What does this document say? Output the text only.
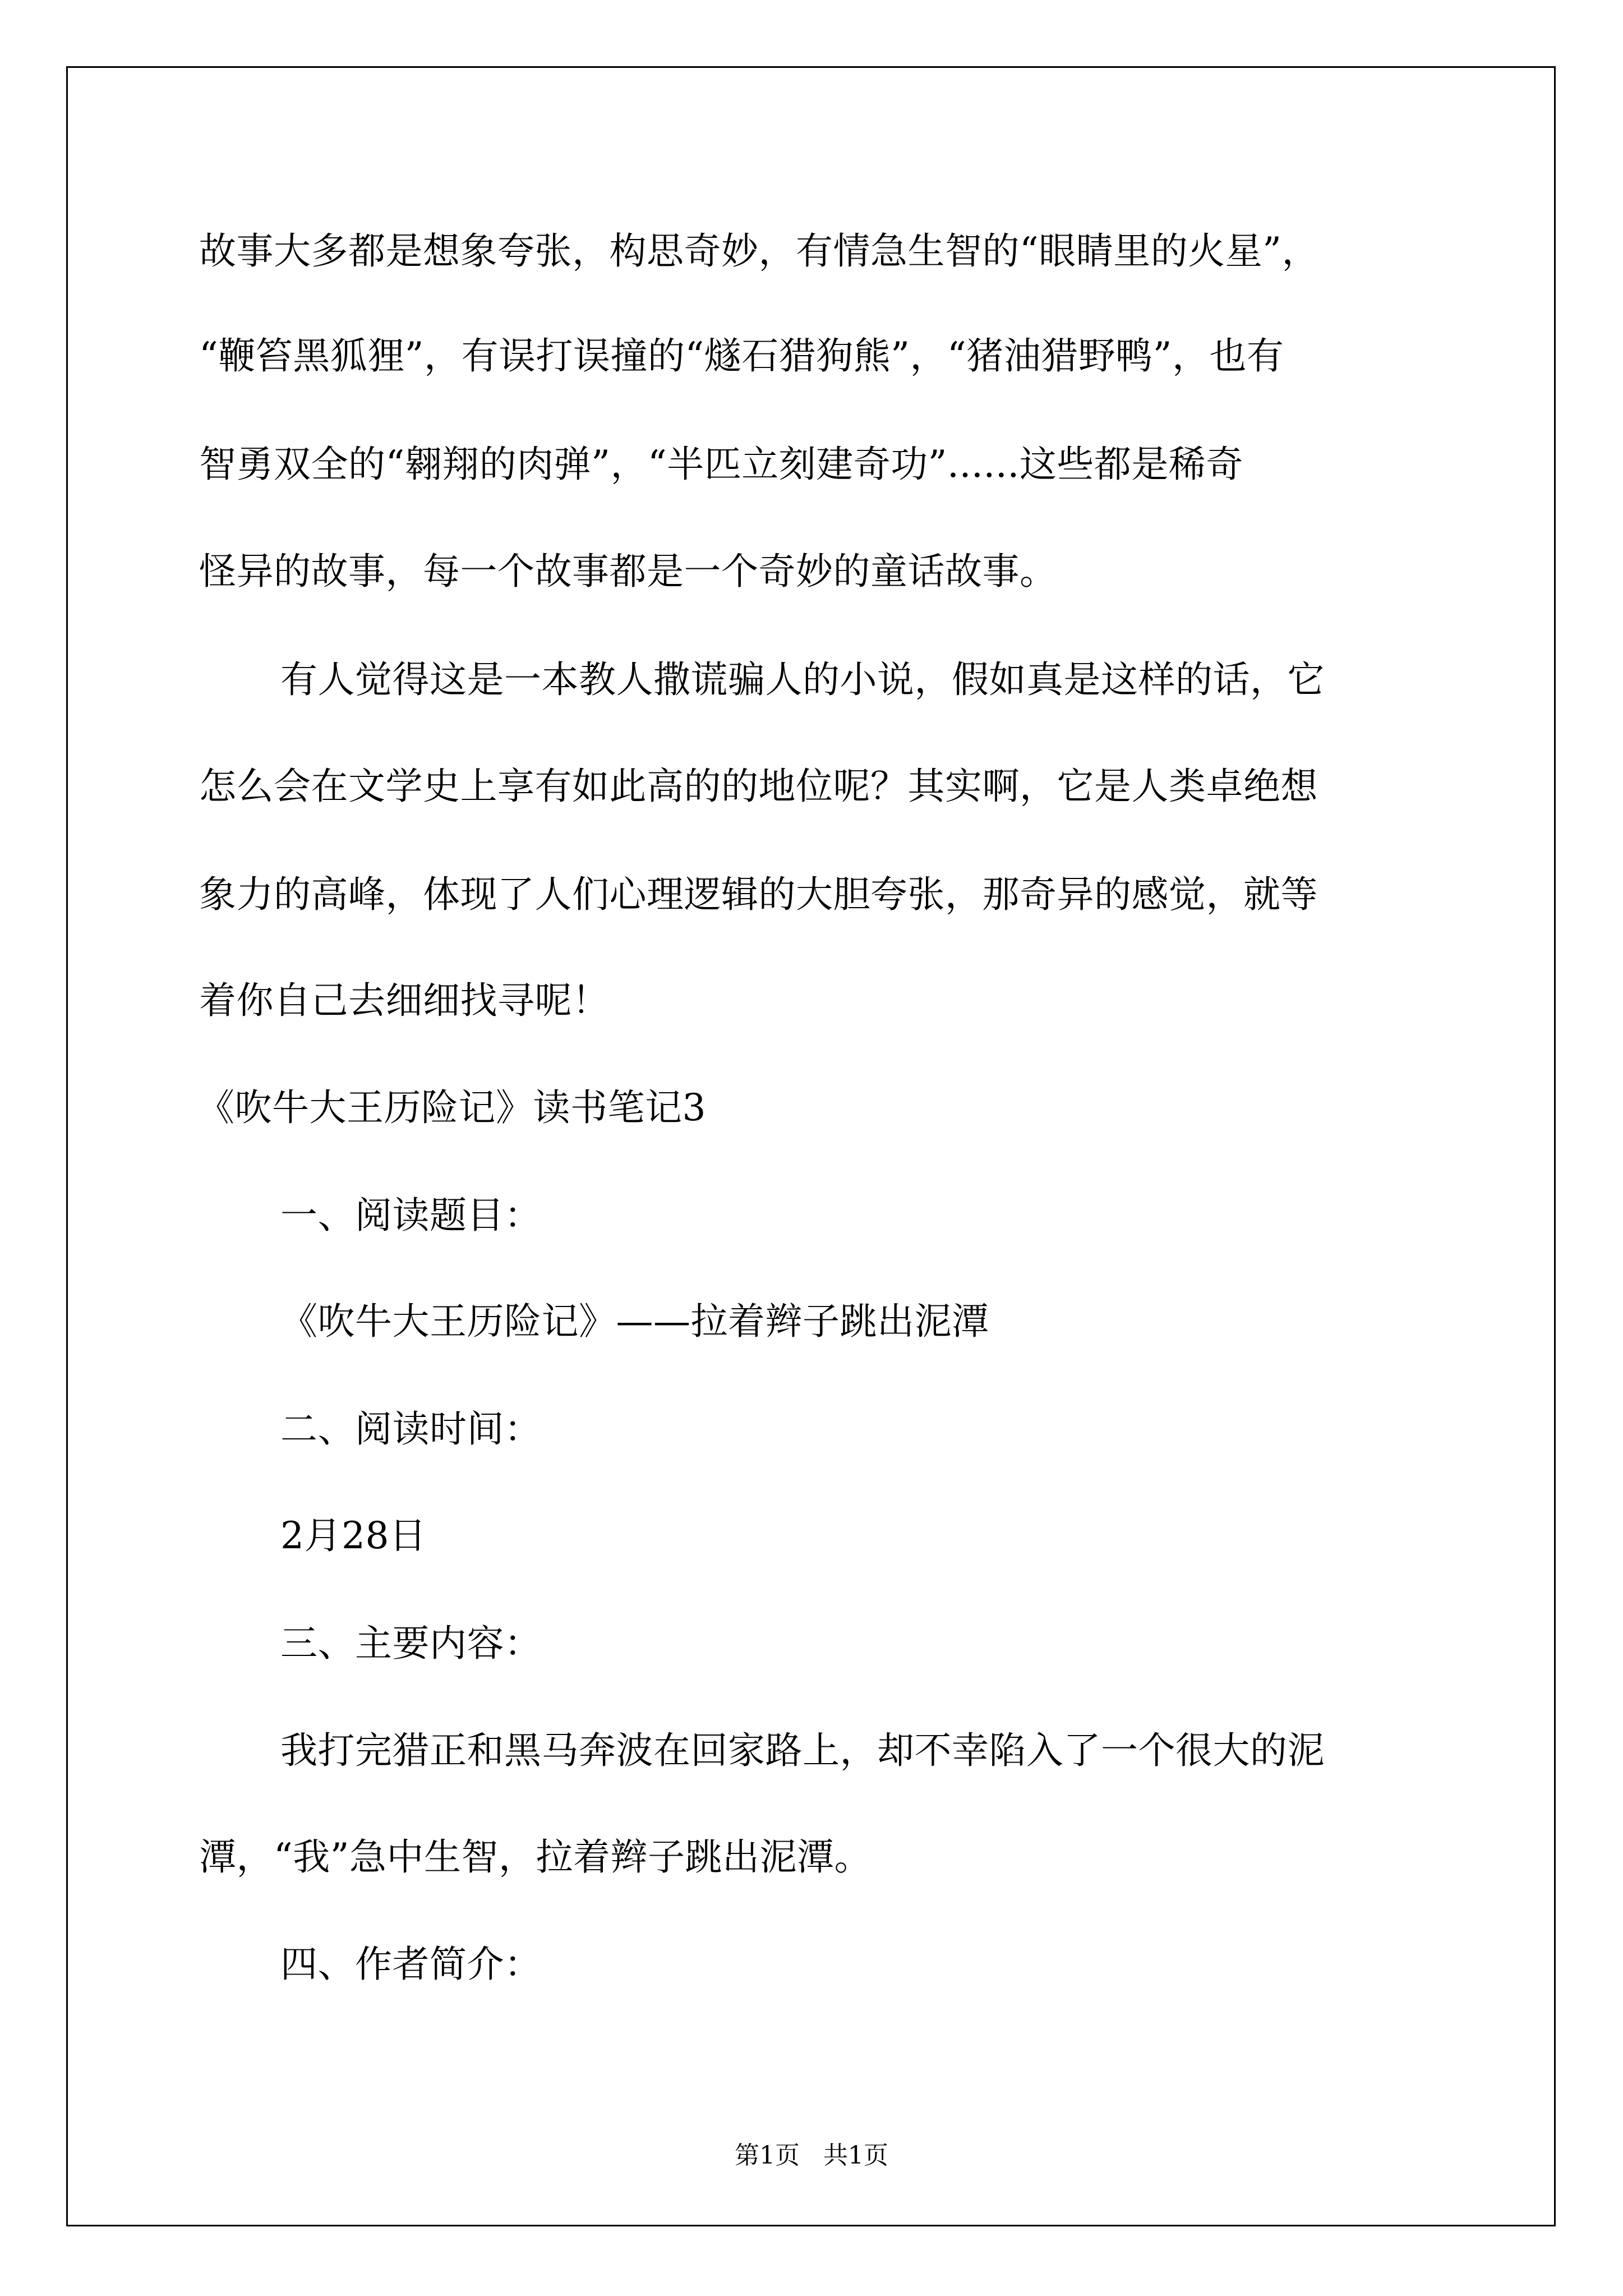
故事大多都是想象夸张，构思奇妙，有情急生智的“眼睛里的火星”，
“鞭笞黑狐狸”，有误打误撞的“燧石猎狗熊”，“猪油猎野鸭”，也有
智勇双全的“翱翔的肉弹”，“半匹立刻建奇功”......这些都是稀奇
怪异的故事，每一个故事都是一个奇妙的童话故事。
有人觉得这是一本教人撒谎骗人的小说，假如真是这样的话，它
怎么会在文学史上享有如此高的的地位呢？其实啊，它是人类卓绝想
象力的高峰，体现了人们心理逻辑的大胆夸张，那奇异的感觉，就等
着你自己去细细找寻呢！
《吹牛大王历险记》读书笔记3
一、阅读题目：
《吹牛大王历险记》——拉着辫子跳出泥潭
二、阅读时间：
2月28日
三、主要内容：
我打完猎正和黑马奔波在回家路上，却不幸陷入了一个很大的泥
潭，“我”急中生智，拉着辫子跳出泥潭。
四、作者简介：
第1页   共1页
